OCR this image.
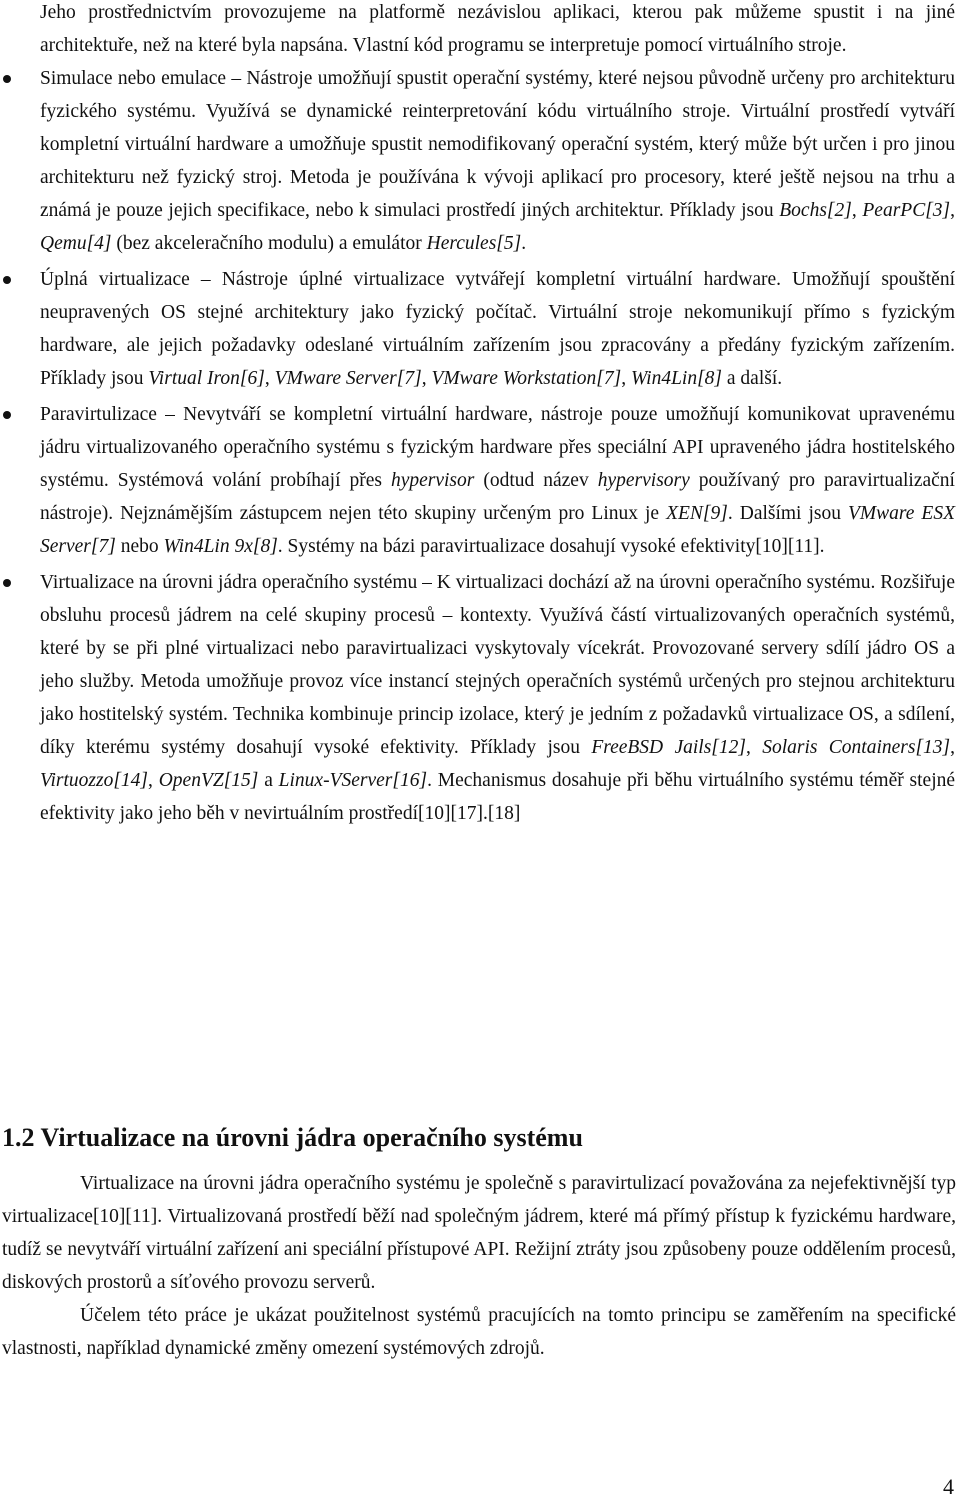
Jeho prostřednictvím provozujeme na platformě nezávislou aplikaci, kterou pak můžeme spustit i na jiné architektuře, než na které byla napsána. Vlastní kód programu se interpretuje pomocí virtuálního stroje.

Simulace nebo emulace – Nástroje umožňují spustit operační systémy, které nejsou původně určeny pro architekturu fyzického systému. Využívá se dynamické reinterpretování kódu virtuálního stroje. Virtuální prostředí vytváří kompletní virtuální hardware a umožňuje spustit nemodifikovaný operační systém, který může být určen i pro jinou architekturu než fyzický stroj. Metoda je používána k vývoji aplikací pro procesory, které ještě nejsou na trhu a známá je pouze jejich specifikace, nebo k simulaci prostředí jiných architektur. Příklady jsou Bochs[2], PearPC[3], Qemu[4] (bez akceleračního modulu) a emulátor Hercules[5].

Úplná virtualizace – Nástroje úplné virtualizace vytvářejí kompletní virtuální hardware. Umožňují spouštění neupravených OS stejné architektury jako fyzický počítač. Virtuální stroje nekomunikují přímo s fyzickým hardware, ale jejich požadavky odeslané virtuálním zařízením jsou zpracovány a předány fyzickým zařízením. Příklady jsou Virtual Iron[6], VMware Server[7], VMware Workstation[7], Win4Lin[8] a další.

Paravirtulizace – Nevytváří se kompletní virtuální hardware, nástroje pouze umožňují komunikovat upravenému jádru virtualizovaného operačního systému s fyzickým hardware přes speciální API upraveného jádra hostitelského systému. Systémová volání probíhají přes hypervisor (odtud název hypervisory používaný pro paravirtualizační nástroje). Nejznámějším zástupcem nejen této skupiny určeným pro Linux je XEN[9]. Dalšími jsou VMware ESX Server[7] nebo Win4Lin 9x[8]. Systémy na bázi paravirtualizace dosahují vysoké efektivity[10][11].

Virtualizace na úrovni jádra operačního systému – K virtualizaci dochází až na úrovni operačního systému. Rozšiřuje obsluhu procesů jádrem na celé skupiny procesů – kontexty. Využívá částí virtualizovaných operačních systémů, které by se při plné virtualizaci nebo paravirtualizaci vyskytovaly vícekrát. Provozované servery sdílí jádro OS a jeho služby. Metoda umožňuje provoz více instancí stejných operačních systémů určených pro stejnou architekturu jako hostitelský systém. Technika kombinuje princip izolace, který je jedním z požadavků virtualizace OS, a sdílení, díky kterému systémy dosahují vysoké efektivity. Příklady jsou FreeBSD Jails[12], Solaris Containers[13], Virtuozzo[14], OpenVZ[15] a Linux-VServer[16]. Mechanismus dosahuje při běhu virtuálního systému téměř stejné efektivity jako jeho běh v nevirtuálním prostředí[10][17].[18]

1.2 Virtualizace na úrovni jádra operačního systému

Virtualizace na úrovni jádra operačního systému je společně s paravirtulizací považována za nejefektivnější typ virtualizace[10][11]. Virtualizovaná prostředí běží nad společným jádrem, které má přímý přístup k fyzickému hardware, tudíž se nevytváří virtuální zařízení ani speciální přístupové API. Režijní ztráty jsou způsobeny pouze oddělením procesů, diskových prostorů a síťového provozu serverů.

Účelem této práce je ukázat použitelnost systémů pracujících na tomto principu se zaměřením na specifické vlastnosti, například dynamické změny omezení systémových zdrojů.

4
